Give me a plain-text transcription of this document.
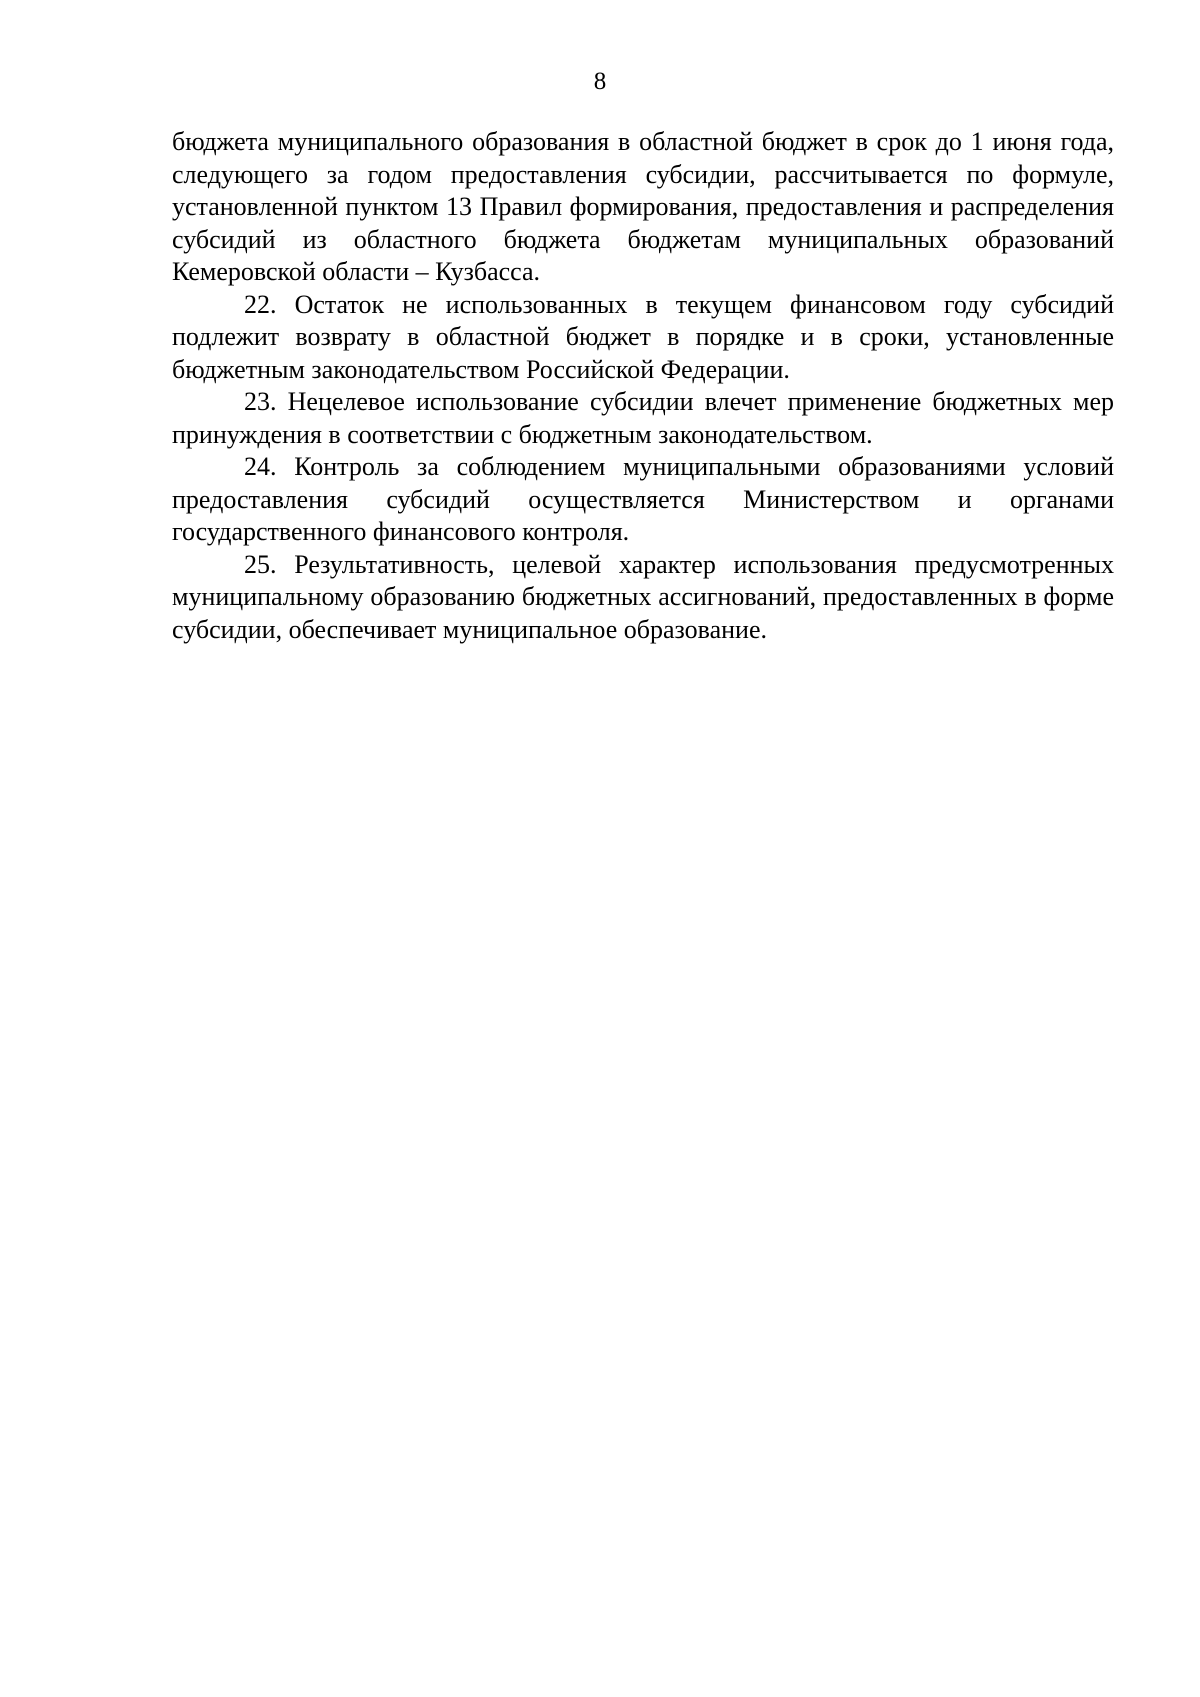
8

бюджета муниципального образования в областной бюджет в срок до 1 июня года, следующего за годом предоставления субсидии, рассчитывается по формуле, установленной пунктом 13 Правил формирования, предоставления и распределения субсидий из областного бюджета бюджетам муниципальных образований Кемеровской области – Кузбасса.

22. Остаток не использованных в текущем финансовом году субсидий подлежит возврату в областной бюджет в порядке и в сроки, установленные бюджетным законодательством Российской Федерации.

23. Нецелевое использование субсидии влечет применение бюджетных мер принуждения в соответствии с бюджетным законодательством.

24. Контроль за соблюдением муниципальными образованиями условий предоставления субсидий осуществляется Министерством и органами государственного финансового контроля.

25. Результативность, целевой характер использования предусмотренных муниципальному образованию бюджетных ассигнований, предоставленных в форме субсидии, обеспечивает муниципальное образование.
